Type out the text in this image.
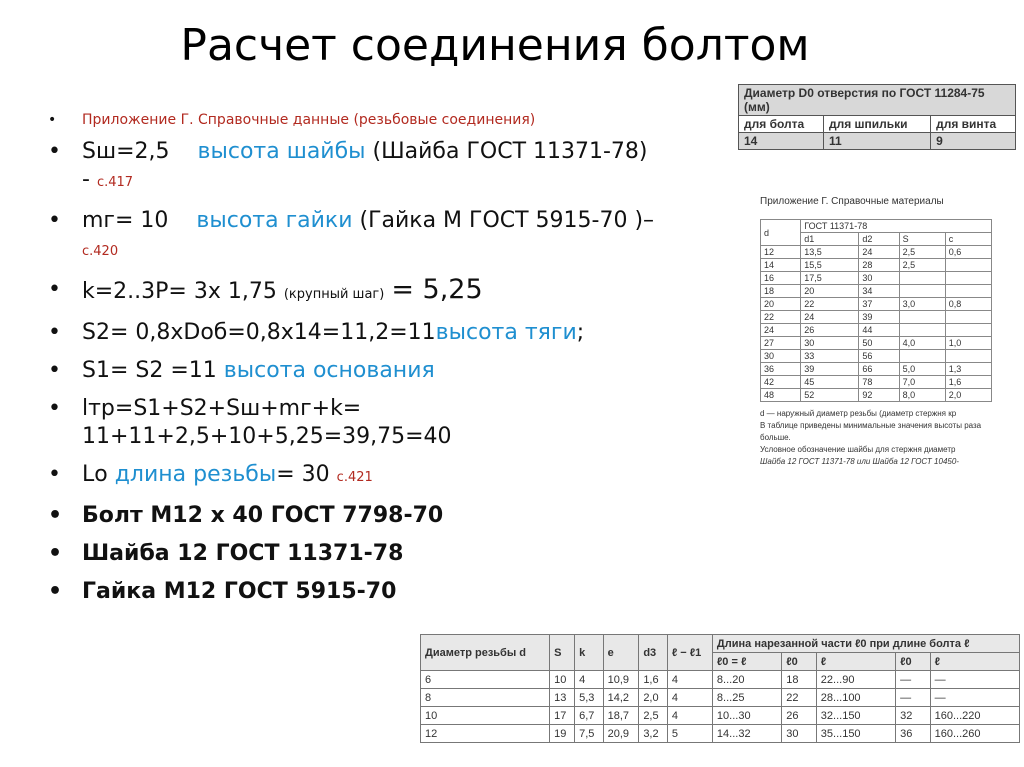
Расчет соединения болтом
• Приложение Г. Справочные данные (резьбовые соединения)
• Sш=2,5 высота шайбы (Шайба ГОСТ 11371-78)
- с.417
• mг= 10 высота гайки (Гайка М ГОСТ 5915-70 )–
с.420
• k=2..3P= 3х 1,75 (крупный шаг) = 5,25
• S2= 0,8хDоб=0,8х14=11,2=11высота тяги;
• S1= S2 =11 высота основания
• lтр=S1+S2+Sш+mг+k=
11+11+2,5+10+5,25=39,75=40
• Lо длина резьбы= 30 с.421
• Болт М12 х 40 ГОСТ 7798-70
• Шайба 12 ГОСТ 11371-78
• Гайка М12 ГОСТ 5915-70
Диаметр D0 отверстия по ГОСТ 11284-75 (мм)		
для болта	для шпильки	для винта
14	11	9
Приложение Г. Справочные материалы
d	ГОСТ 11371-78			
	d1	d2	S	c
12	13,5	24	2,5	0,6
14	15,5	28	2,5	
16	17,5	30		
18	20	34		
20	22	37	3,0	0,8
22	24	39		
24	26	44		
27	30	50	4,0	1,0
30	33	56		
36	39	66	5,0	1,3
42	45	78	7,0	1,6
48	52	92	8,0	2,0
d — наружный диаметр резьбы (диаметр стержня кр
В таблице приведены минимальные значения высоты раза больше.
Условное обозначение шайбы для стержня диаметр
Шайба 12 ГОСТ 11371-78 или Шайба 12 ГОСТ 10450-
Диаметр резьбы d	S	k	e	d3	ℓ − ℓ1	Длина нарезанной части ℓ0 при длине болта ℓ				
						ℓ0 = ℓ	ℓ0	ℓ	ℓ0	ℓ
6	10	4	10,9	1,6	4	8...20	18	22...90	—	—
8	13	5,3	14,2	2,0	4	8...25	22	28...100	—	—
10	17	6,7	18,7	2,5	4	10...30	26	32...150	32	160...220
12	19	7,5	20,9	3,2	5	14...32	30	35...150	36	160...260
